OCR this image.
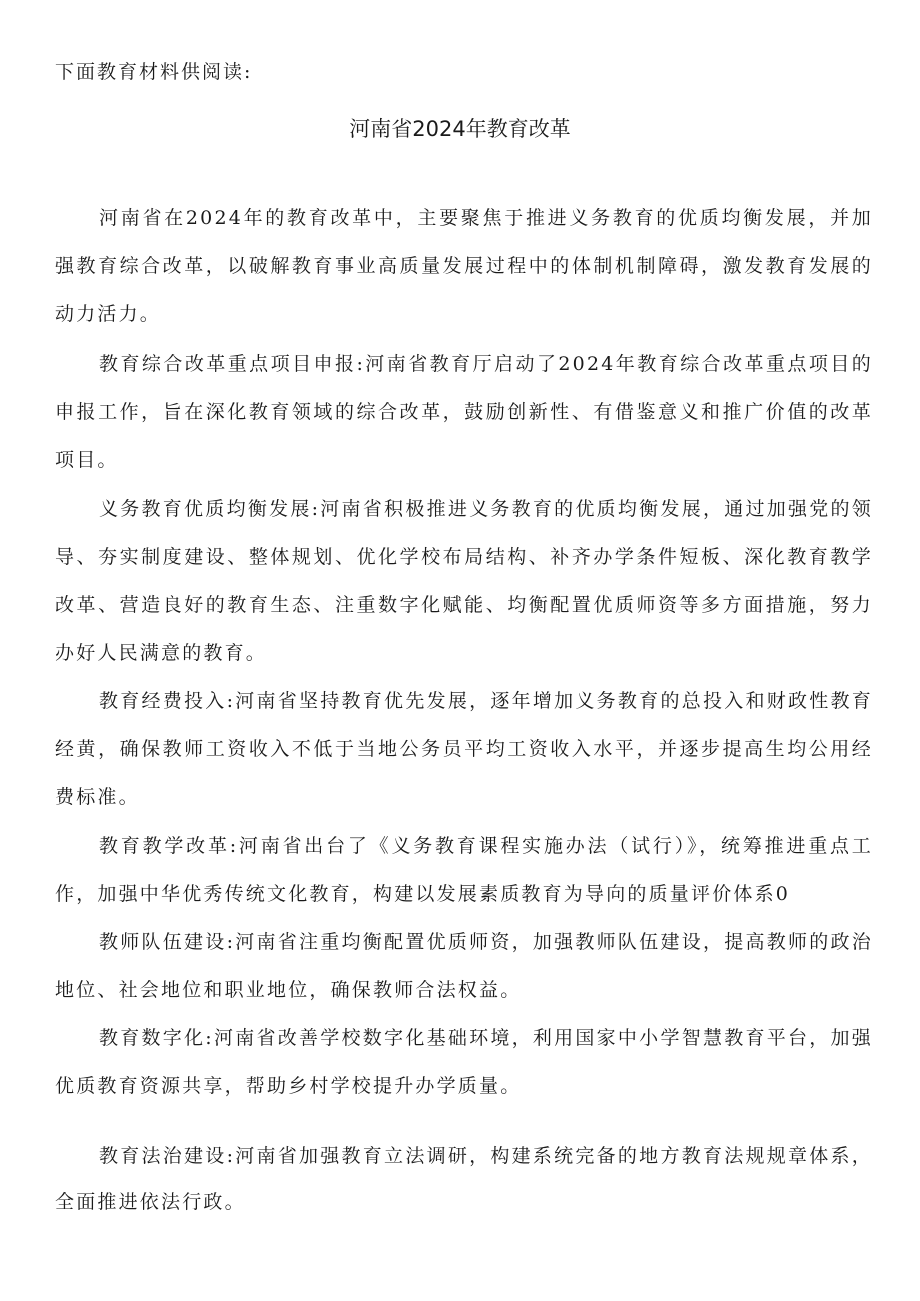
下面教育材料供阅读:
河南省2024年教育改革

河南省在2024年的教育改革中，主要聚焦于推进义务教育的优质均衡发展，并加强教育综合改革，以破解教育事业高质量发展过程中的体制机制障碍，激发教育发展的动力活力。

教育综合改革重点项目申报:河南省教育厅启动了2024年教育综合改革重点项目的申报工作，旨在深化教育领域的综合改革，鼓励创新性、有借鉴意义和推广价值的改革项目。

义务教育优质均衡发展:河南省积极推进义务教育的优质均衡发展，通过加强党的领导、夯实制度建设、整体规划、优化学校布局结构、补齐办学条件短板、深化教育教学改革、营造良好的教育生态、注重数字化赋能、均衡配置优质师资等多方面措施，努力办好人民满意的教育。

教育经费投入:河南省坚持教育优先发展，逐年增加义务教育的总投入和财政性教育经黄，确保教师工资收入不低于当地公务员平均工资收入水平，并逐步提高生均公用经费标准。

教育教学改革:河南省出台了《义务教育课程实施办法（试行）》，统筹推进重点工作，加强中华优秀传统文化教育，构建以发展素质教育为导向的质量评价体系0

教师队伍建设:河南省注重均衡配置优质师资，加强教师队伍建设，提高教师的政治地位、社会地位和职业地位，确保教师合法权益。

教育数字化:河南省改善学校数字化基础环境，利用国家中小学智慧教育平台，加强优质教育资源共享，帮助乡村学校提升办学质量。

教育法治建设:河南省加强教育立法调研，构建系统完备的地方教育法规规章体系，全面推进依法行政。
